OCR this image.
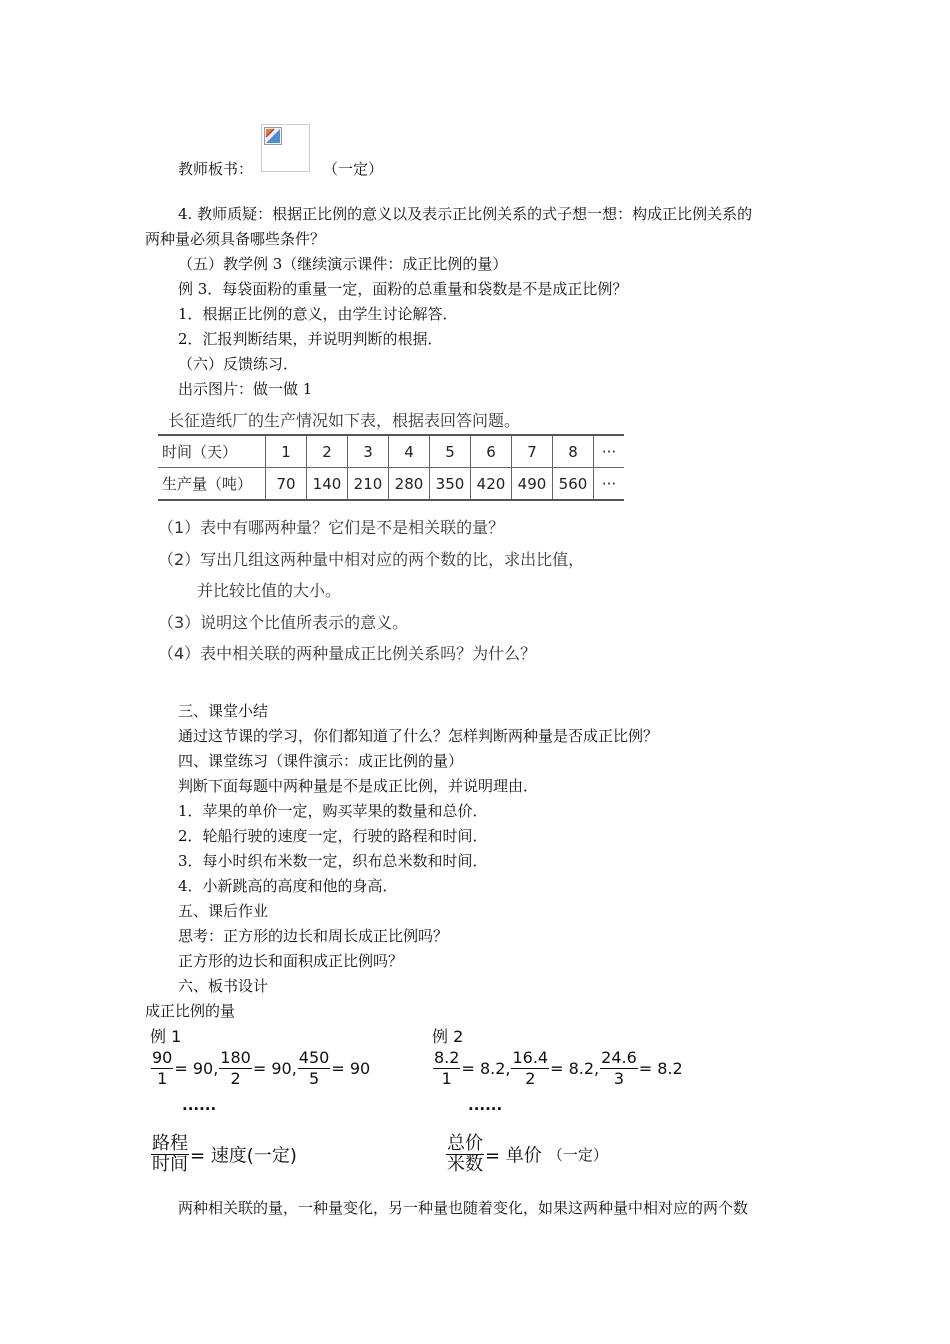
教师板书：	（一定）
4. 教师质疑：根据正比例的意义以及表示正比例关系的式子想一想：构成正比例关系的
两种量必须具备哪些条件？
（五）教学例 3（继续演示课件：成正比例的量）
例 3．每袋面粉的重量一定，面粉的总重量和袋数是不是成正比例？
1．根据正比例的意义，由学生讨论解答．
2．汇报判断结果，并说明判断的根据．
（六）反馈练习．
出示图片：做一做 1
长征造纸厂的生产情况如下表，根据表回答问题。
时间（天）	1	2	3	4	5	6	7	8	···
生产量（吨）	70	140	210	280	350	420	490	560	···
（1）表中有哪两种量？它们是不是相关联的量？
（2）写出几组这两种量中相对应的两个数的比，求出比值，
并比较比值的大小。
（3）说明这个比值所表示的意义。
（4）表中相关联的两种量成正比例关系吗？为什么？
三、课堂小结
通过这节课的学习，你们都知道了什么？怎样判断两种量是否成正比例？
四、课堂练习（课件演示：成正比例的量）
判断下面每题中两种量是不是成正比例，并说明理由．
1．苹果的单价一定，购买苹果的数量和总价．
2．轮船行驶的速度一定，行驶的路程和时间．
3．每小时织布米数一定，织布总米数和时间．
4．小新跳高的高度和他的身高．
五、课后作业
思考：正方形的边长和周长成正比例吗？
正方形的边长和面积成正比例吗？
六、板书设计
成正比例的量
例 1
$\frac{90}{1} = 90$, $\frac{180}{2} = 90$, $\frac{450}{5} = 90$
......
例 2
$\frac{8.2}{1} = 8.2$, $\frac{16.4}{2} = 8.2$, $\frac{24.6}{3} = 8.2$
......
$\frac{\text{路程}}{\text{时间}}$ = 速度(一定)	$\frac{\text{总价}}{\text{米数}}$ = 单价 （一定）
两种相关联的量，一种量变化，另一种量也随着变化，如果这两种量中相对应的两个数
